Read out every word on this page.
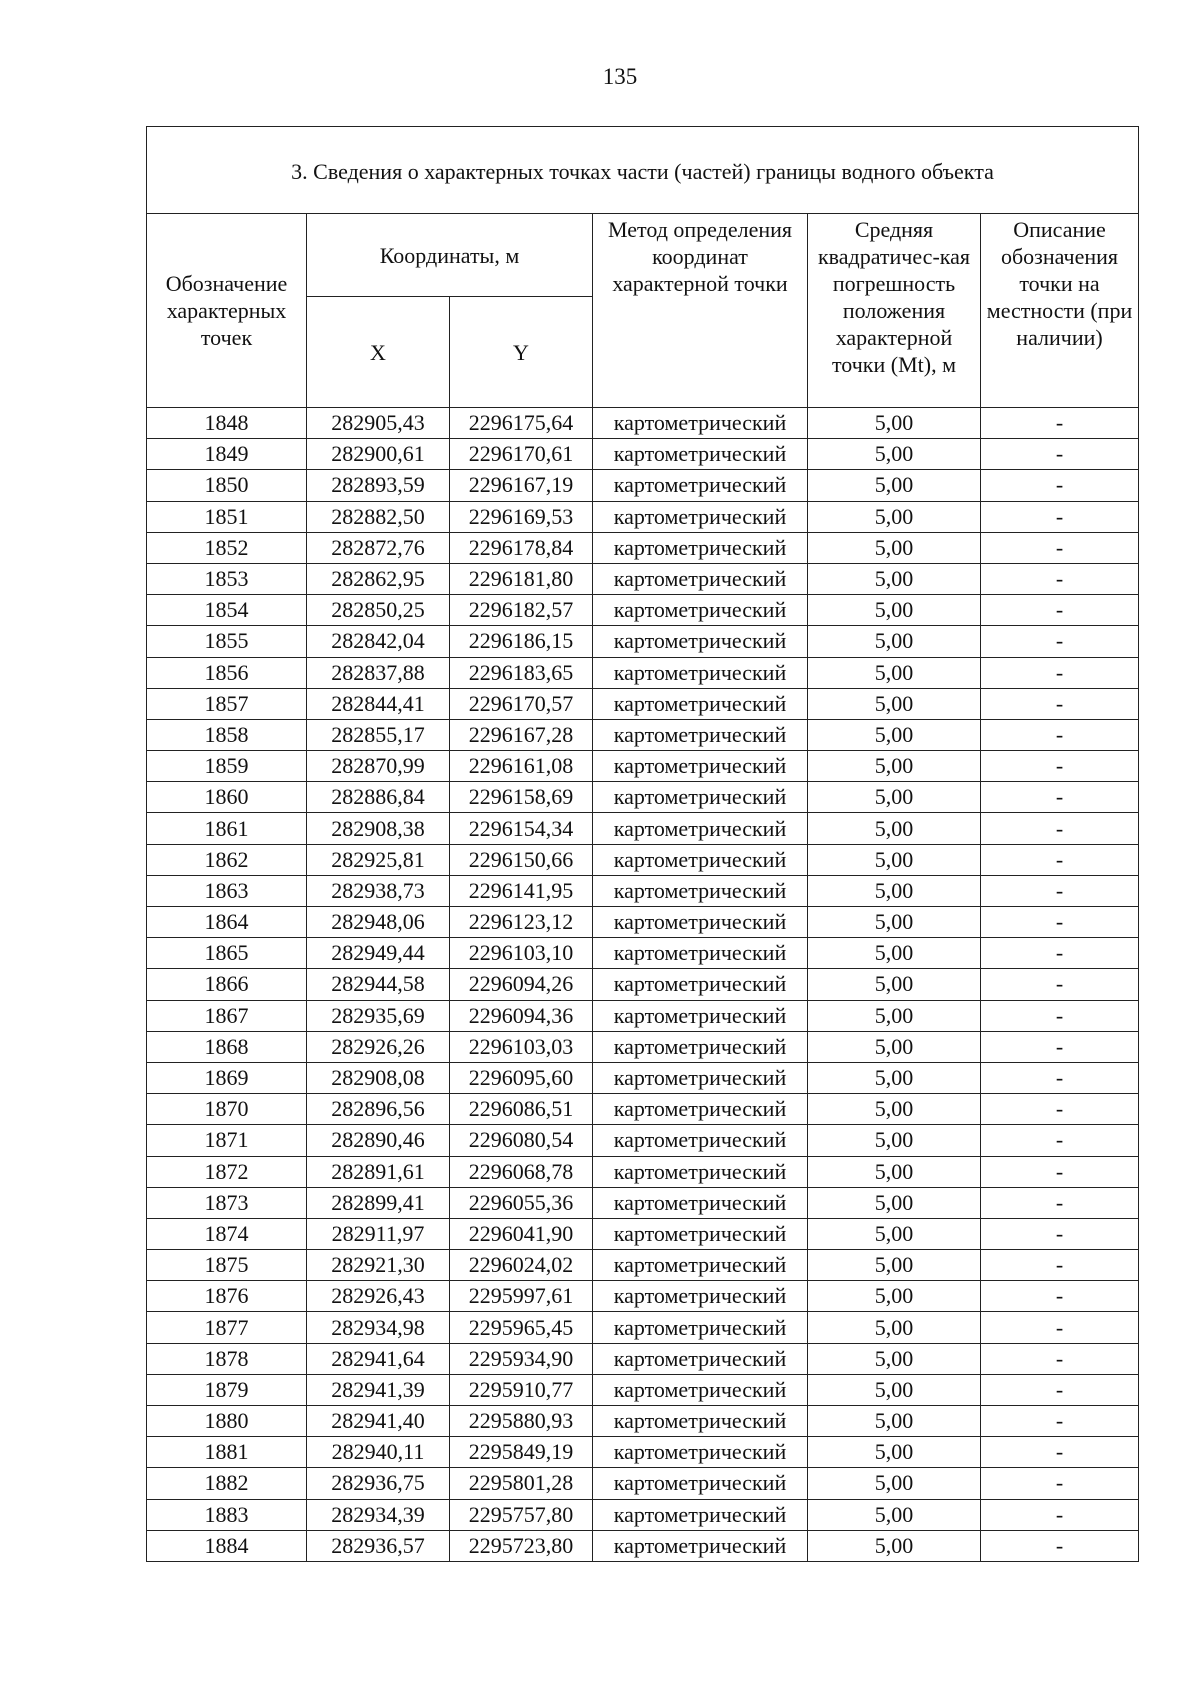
135
3. Сведения о характерных точках части (частей) границы водного объекта					
Обозначение характерных точек	Координаты, м		Метод определения координат характерной точки	Средняя квадратичес-кая погрешность положения характерной точки (Mt), м	Описание обозначения точки на местности (при наличии)
	X	Y			
1848	282905,43	2296175,64	картометрический	5,00	-
1849	282900,61	2296170,61	картометрический	5,00	-
1850	282893,59	2296167,19	картометрический	5,00	-
1851	282882,50	2296169,53	картометрический	5,00	-
1852	282872,76	2296178,84	картометрический	5,00	-
1853	282862,95	2296181,80	картометрический	5,00	-
1854	282850,25	2296182,57	картометрический	5,00	-
1855	282842,04	2296186,15	картометрический	5,00	-
1856	282837,88	2296183,65	картометрический	5,00	-
1857	282844,41	2296170,57	картометрический	5,00	-
1858	282855,17	2296167,28	картометрический	5,00	-
1859	282870,99	2296161,08	картометрический	5,00	-
1860	282886,84	2296158,69	картометрический	5,00	-
1861	282908,38	2296154,34	картометрический	5,00	-
1862	282925,81	2296150,66	картометрический	5,00	-
1863	282938,73	2296141,95	картометрический	5,00	-
1864	282948,06	2296123,12	картометрический	5,00	-
1865	282949,44	2296103,10	картометрический	5,00	-
1866	282944,58	2296094,26	картометрический	5,00	-
1867	282935,69	2296094,36	картометрический	5,00	-
1868	282926,26	2296103,03	картометрический	5,00	-
1869	282908,08	2296095,60	картометрический	5,00	-
1870	282896,56	2296086,51	картометрический	5,00	-
1871	282890,46	2296080,54	картометрический	5,00	-
1872	282891,61	2296068,78	картометрический	5,00	-
1873	282899,41	2296055,36	картометрический	5,00	-
1874	282911,97	2296041,90	картометрический	5,00	-
1875	282921,30	2296024,02	картометрический	5,00	-
1876	282926,43	2295997,61	картометрический	5,00	-
1877	282934,98	2295965,45	картометрический	5,00	-
1878	282941,64	2295934,90	картометрический	5,00	-
1879	282941,39	2295910,77	картометрический	5,00	-
1880	282941,40	2295880,93	картометрический	5,00	-
1881	282940,11	2295849,19	картометрический	5,00	-
1882	282936,75	2295801,28	картометрический	5,00	-
1883	282934,39	2295757,80	картометрический	5,00	-
1884	282936,57	2295723,80	картометрический	5,00	-
